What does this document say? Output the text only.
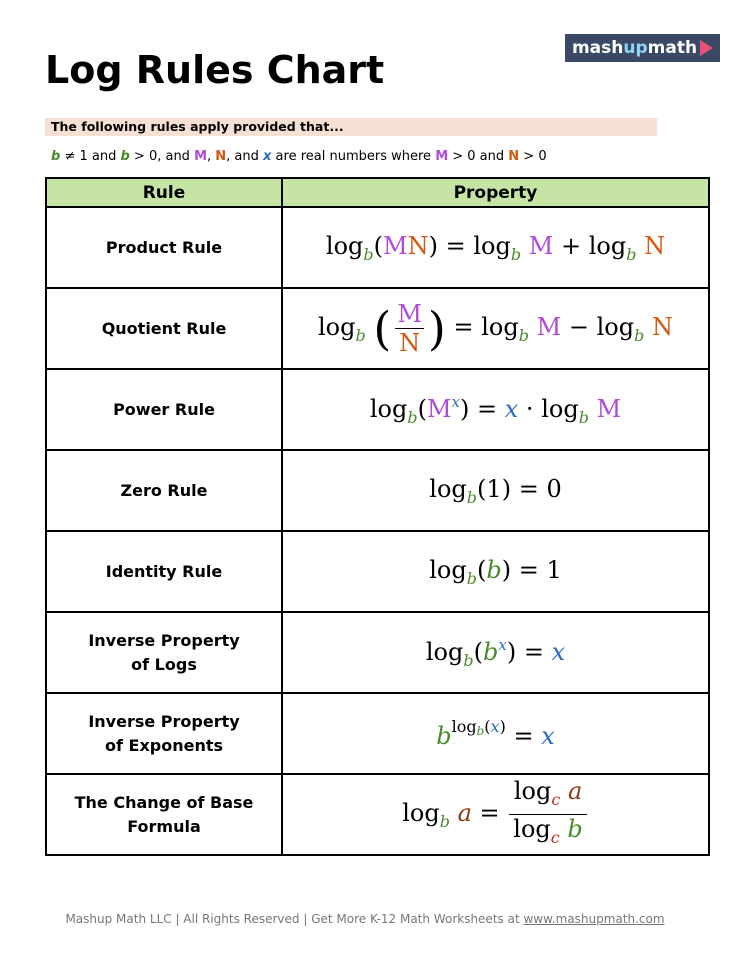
Log Rules Chart	mashupmath
The following rules apply provided that...
b ≠ 1 and b > 0, and M, N, and x are real numbers where M > 0 and N > 0
Rule	Property
Product Rule	$\log_b(MN) = \log_b M + \log_b N$
Quotient Rule	$\log_b$ ( $\frac{M}{N}$ ) = $\log_b M - \log_b N$
Power Rule	$\log_b(M^x) = x \cdot \log_b M$
Zero Rule	$\log_b(1) = 0$
Identity Rule	$\log_b(b) = 1$
Inverse Property
of Logs	$\log_b(b^x) = x$
Inverse Property
of Exponents	$b^{logb(x)} = x$
The Change of Base
Formula	$\log_b a = \frac{\log_c a}{\log_c b}$
Mashup Math LLC | All Rights Reserved | Get More K-12 Math Worksheets at www.mashupmath.com
